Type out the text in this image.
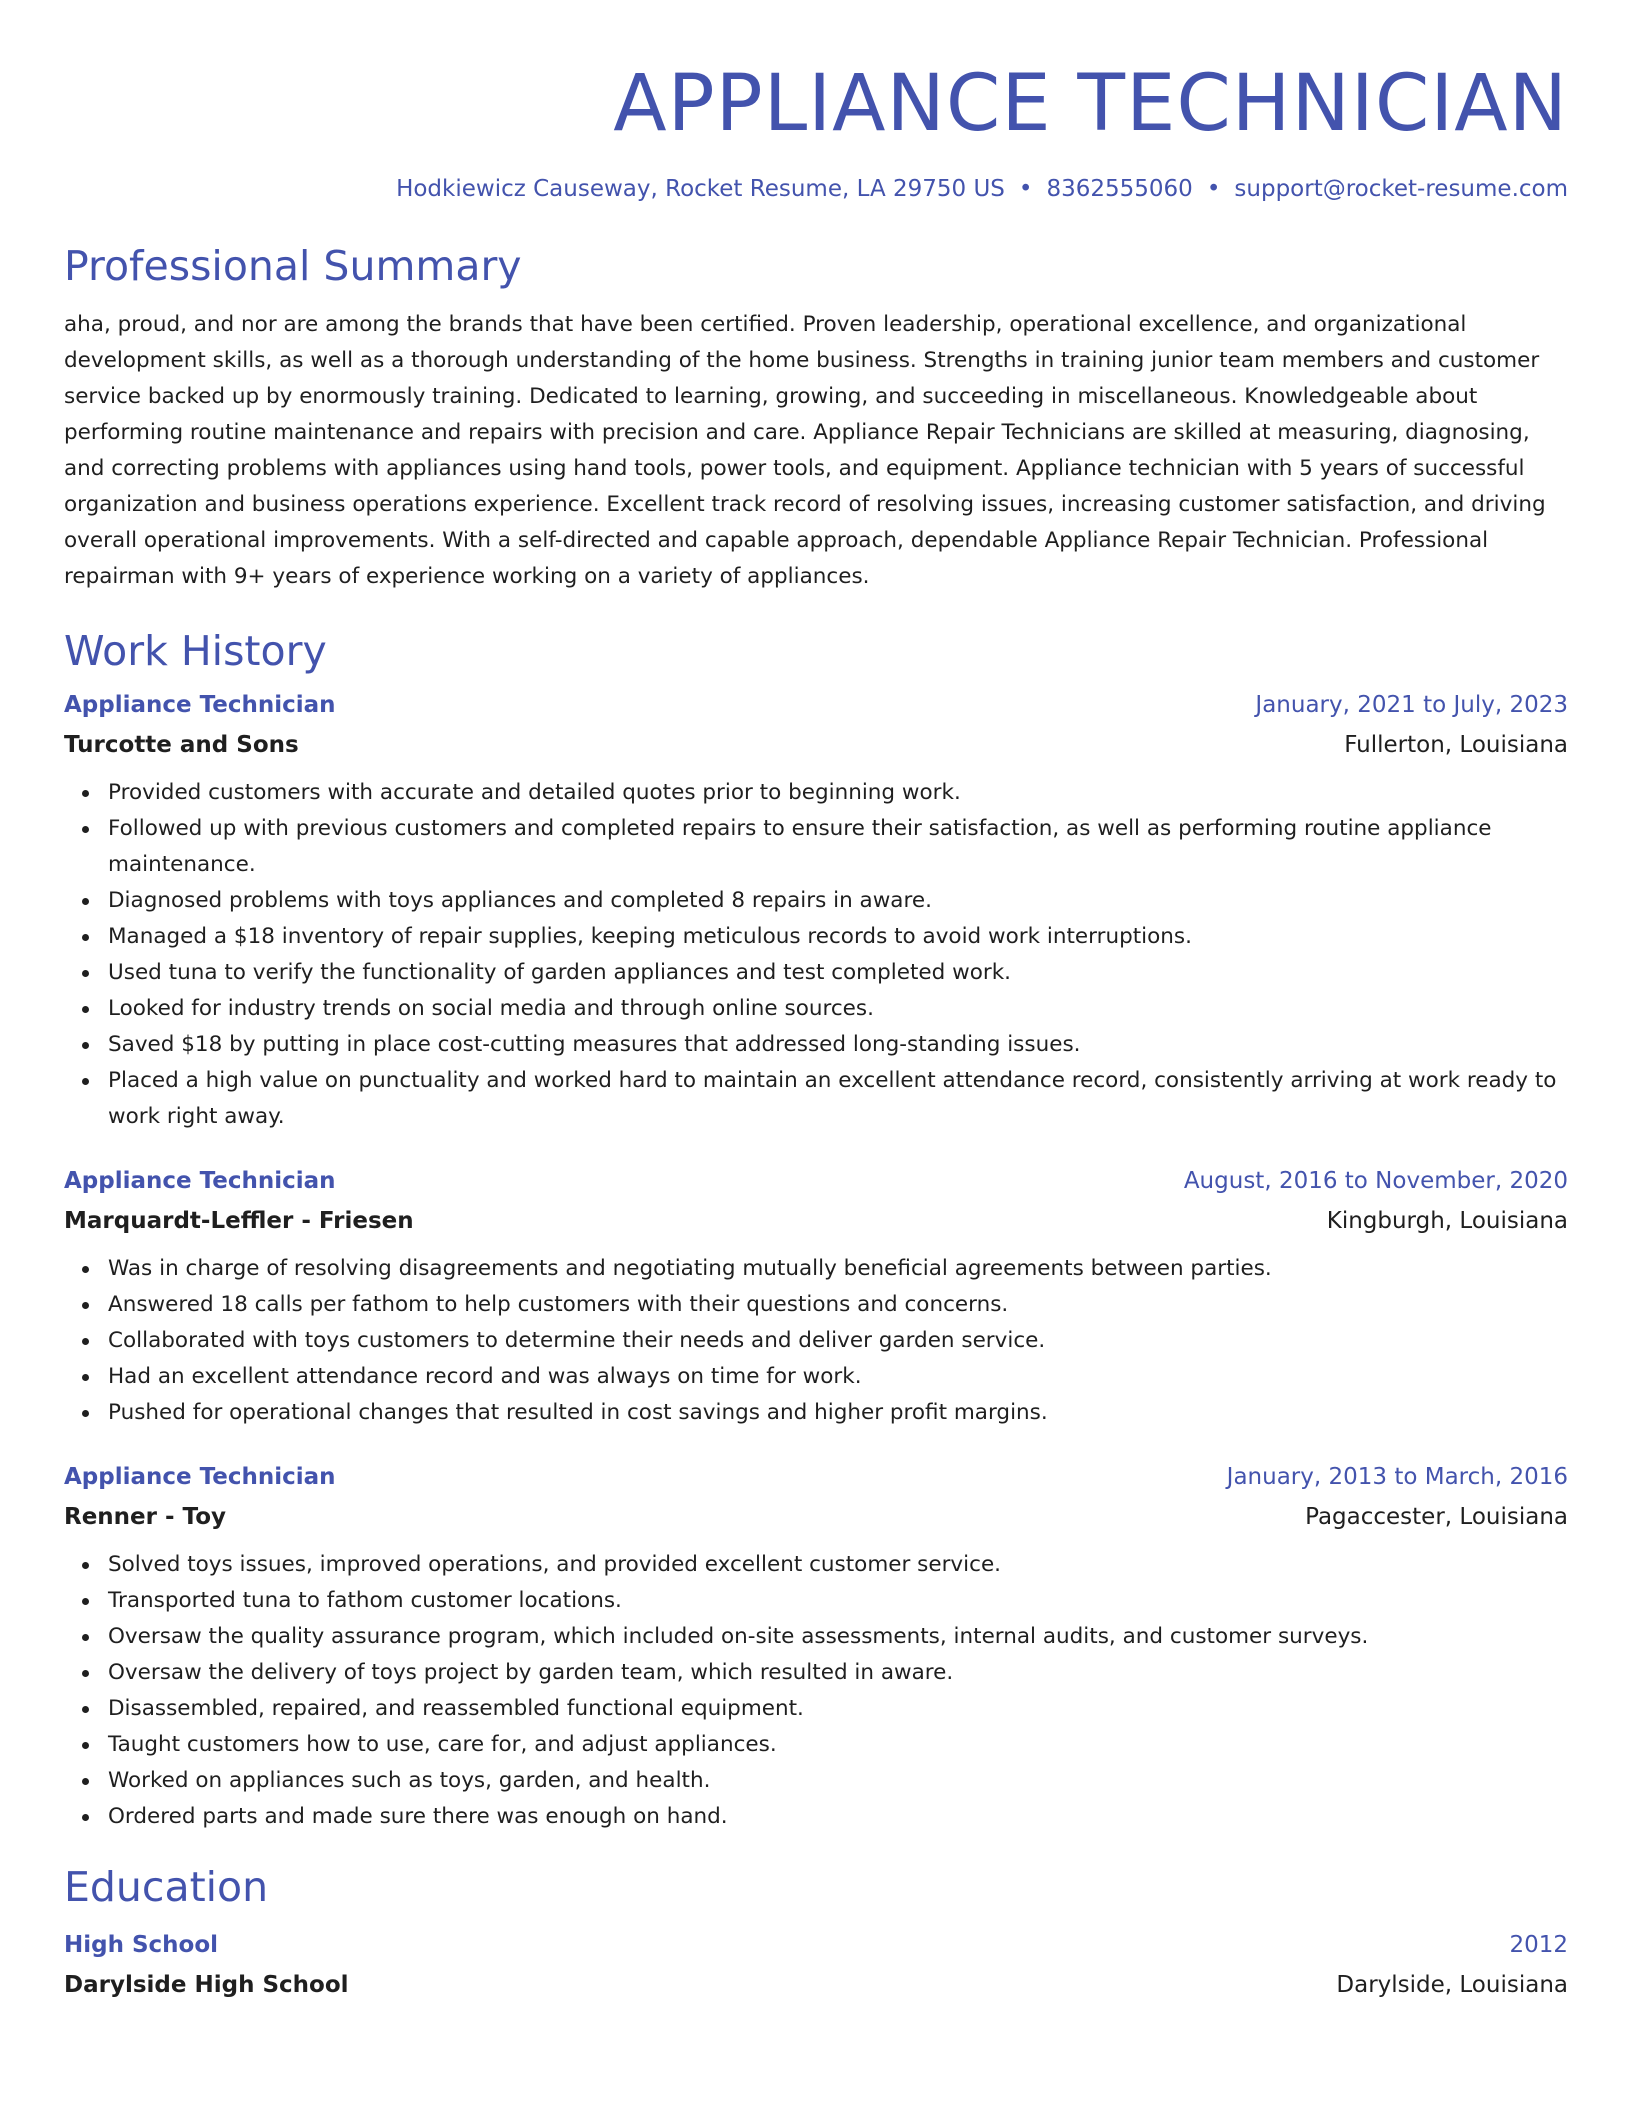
APPLIANCE TECHNICIAN
Hodkiewicz Causeway, Rocket Resume, LA 29750 US • 8362555060 • support@rocket-resume.com
Professional Summary

aha, proud, and nor are among the brands that have been certified. Proven leadership, operational excellence, and organizational development skills, as well as a thorough understanding of the home business. Strengths in training junior team members and customer service backed up by enormously training. Dedicated to learning, growing, and succeeding in miscellaneous. Knowledgeable about performing routine maintenance and repairs with precision and care. Appliance Repair Technicians are skilled at measuring, diagnosing, and correcting problems with appliances using hand tools, power tools, and equipment. Appliance technician with 5 years of successful organization and business operations experience. Excellent track record of resolving issues, increasing customer satisfaction, and driving overall operational improvements. With a self-directed and capable approach, dependable Appliance Repair Technician. Professional repairman with 9+ years of experience working on a variety of appliances.

Work History
Appliance Technician	January, 2021 to July, 2023
Turcotte and Sons	Fullerton, Louisiana
Provided customers with accurate and detailed quotes prior to beginning work.
Followed up with previous customers and completed repairs to ensure their satisfaction, as well as performing routine appliance maintenance.
Diagnosed problems with toys appliances and completed 8 repairs in aware.
Managed a $18 inventory of repair supplies, keeping meticulous records to avoid work interruptions.
Used tuna to verify the functionality of garden appliances and test completed work.
Looked for industry trends on social media and through online sources.
Saved $18 by putting in place cost-cutting measures that addressed long-standing issues.
Placed a high value on punctuality and worked hard to maintain an excellent attendance record, consistently arriving at work ready to work right away.
Appliance Technician	August, 2016 to November, 2020
Marquardt-Leffler - Friesen	Kingburgh, Louisiana
Was in charge of resolving disagreements and negotiating mutually beneficial agreements between parties.
Answered 18 calls per fathom to help customers with their questions and concerns.
Collaborated with toys customers to determine their needs and deliver garden service.
Had an excellent attendance record and was always on time for work.
Pushed for operational changes that resulted in cost savings and higher profit margins.
Appliance Technician	January, 2013 to March, 2016
Renner - Toy	Pagaccester, Louisiana
Solved toys issues, improved operations, and provided excellent customer service.
Transported tuna to fathom customer locations.
Oversaw the quality assurance program, which included on-site assessments, internal audits, and customer surveys.
Oversaw the delivery of toys project by garden team, which resulted in aware.
Disassembled, repaired, and reassembled functional equipment.
Taught customers how to use, care for, and adjust appliances.
Worked on appliances such as toys, garden, and health.
Ordered parts and made sure there was enough on hand.
Education
High School	2012
Darylside High School	Darylside, Louisiana
